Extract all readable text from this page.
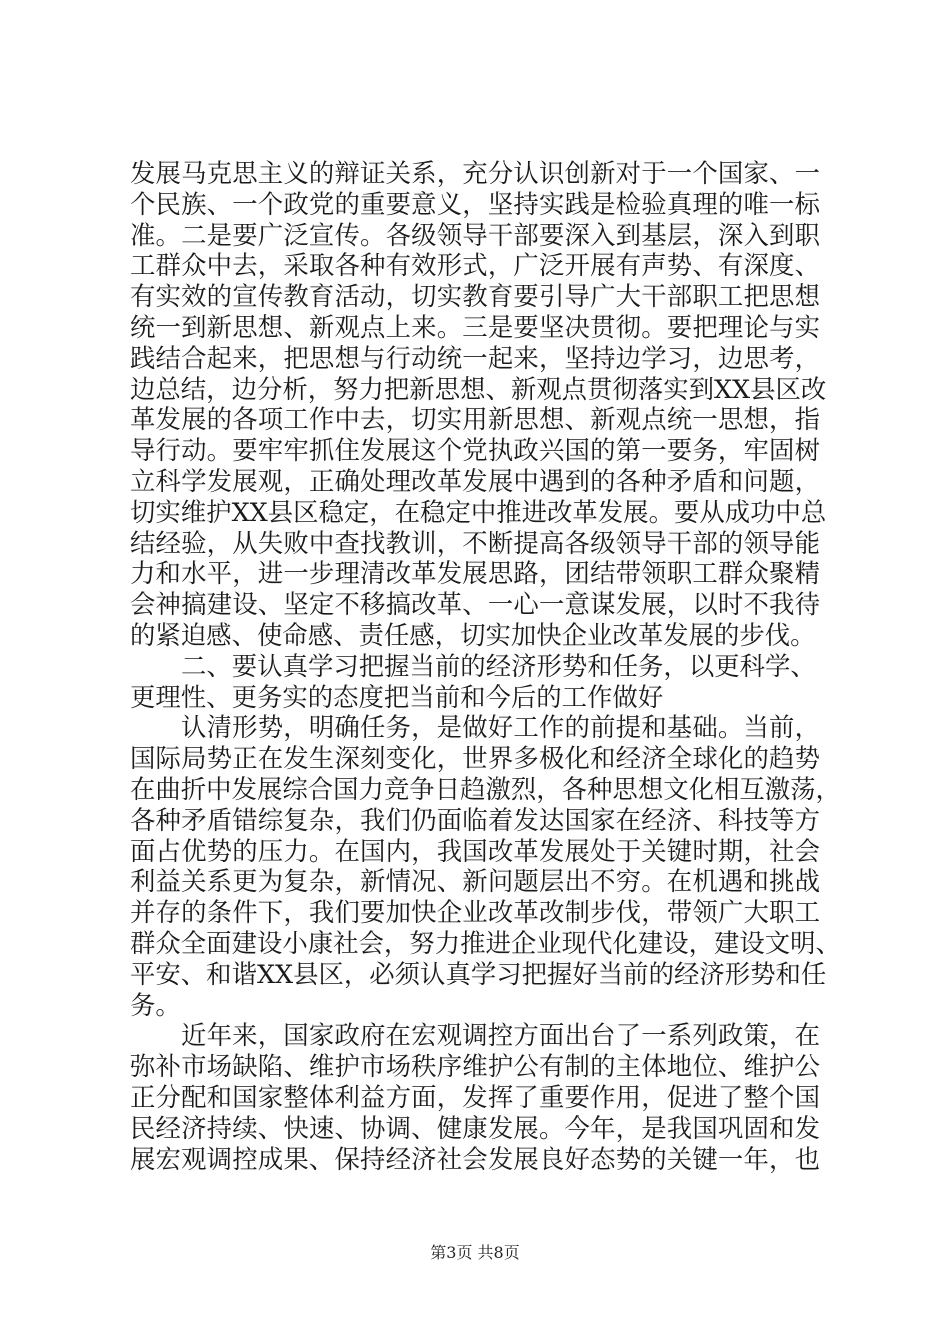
发展马克思主义的辩证关系，充分认识创新对于一个国家、一
个民族、一个政党的重要意义，坚持实践是检验真理的唯一标
准。二是要广泛宣传。各级领导干部要深入到基层，深入到职
工群众中去，采取各种有效形式，广泛开展有声势、有深度、
有实效的宣传教育活动，切实教育要引导广大干部职工把思想
统一到新思想、新观点上来。三是要坚决贯彻。要把理论与实
践结合起来，把思想与行动统一起来，坚持边学习，边思考，
边总结，边分析，努力把新思想、新观点贯彻落实到XX县区改
革发展的各项工作中去，切实用新思想、新观点统一思想，指
导行动。要牢牢抓住发展这个党执政兴国的第一要务，牢固树
立科学发展观，正确处理改革发展中遇到的各种矛盾和问题，
切实维护XX县区稳定，在稳定中推进改革发展。要从成功中总
结经验，从失败中查找教训，不断提高各级领导干部的领导能
力和水平，进一步理清改革发展思路，团结带领职工群众聚精
会神搞建设、坚定不移搞改革、一心一意谋发展，以时不我待
的紧迫感、使命感、责任感，切实加快企业改革发展的步伐。
二、要认真学习把握当前的经济形势和任务，以更科学、
更理性、更务实的态度把当前和今后的工作做好
认清形势，明确任务，是做好工作的前提和基础。当前，
国际局势正在发生深刻变化，世界多极化和经济全球化的趋势
在曲折中发展综合国力竞争日趋激烈，各种思想文化相互激荡，
各种矛盾错综复杂，我们仍面临着发达国家在经济、科技等方
面占优势的压力。在国内，我国改革发展处于关键时期，社会
利益关系更为复杂，新情况、新问题层出不穷。在机遇和挑战
并存的条件下，我们要加快企业改革改制步伐，带领广大职工
群众全面建设小康社会，努力推进企业现代化建设，建设文明、
平安、和谐XX县区，必须认真学习把握好当前的经济形势和任
务。
近年来，国家政府在宏观调控方面出台了一系列政策，在
弥补市场缺陷、维护市场秩序维护公有制的主体地位、维护公
正分配和国家整体利益方面，发挥了重要作用，促进了整个国
民经济持续、快速、协调、健康发展。今年，是我国巩固和发
展宏观调控成果、保持经济社会发展良好态势的关键一年，也
第3页 共8页
